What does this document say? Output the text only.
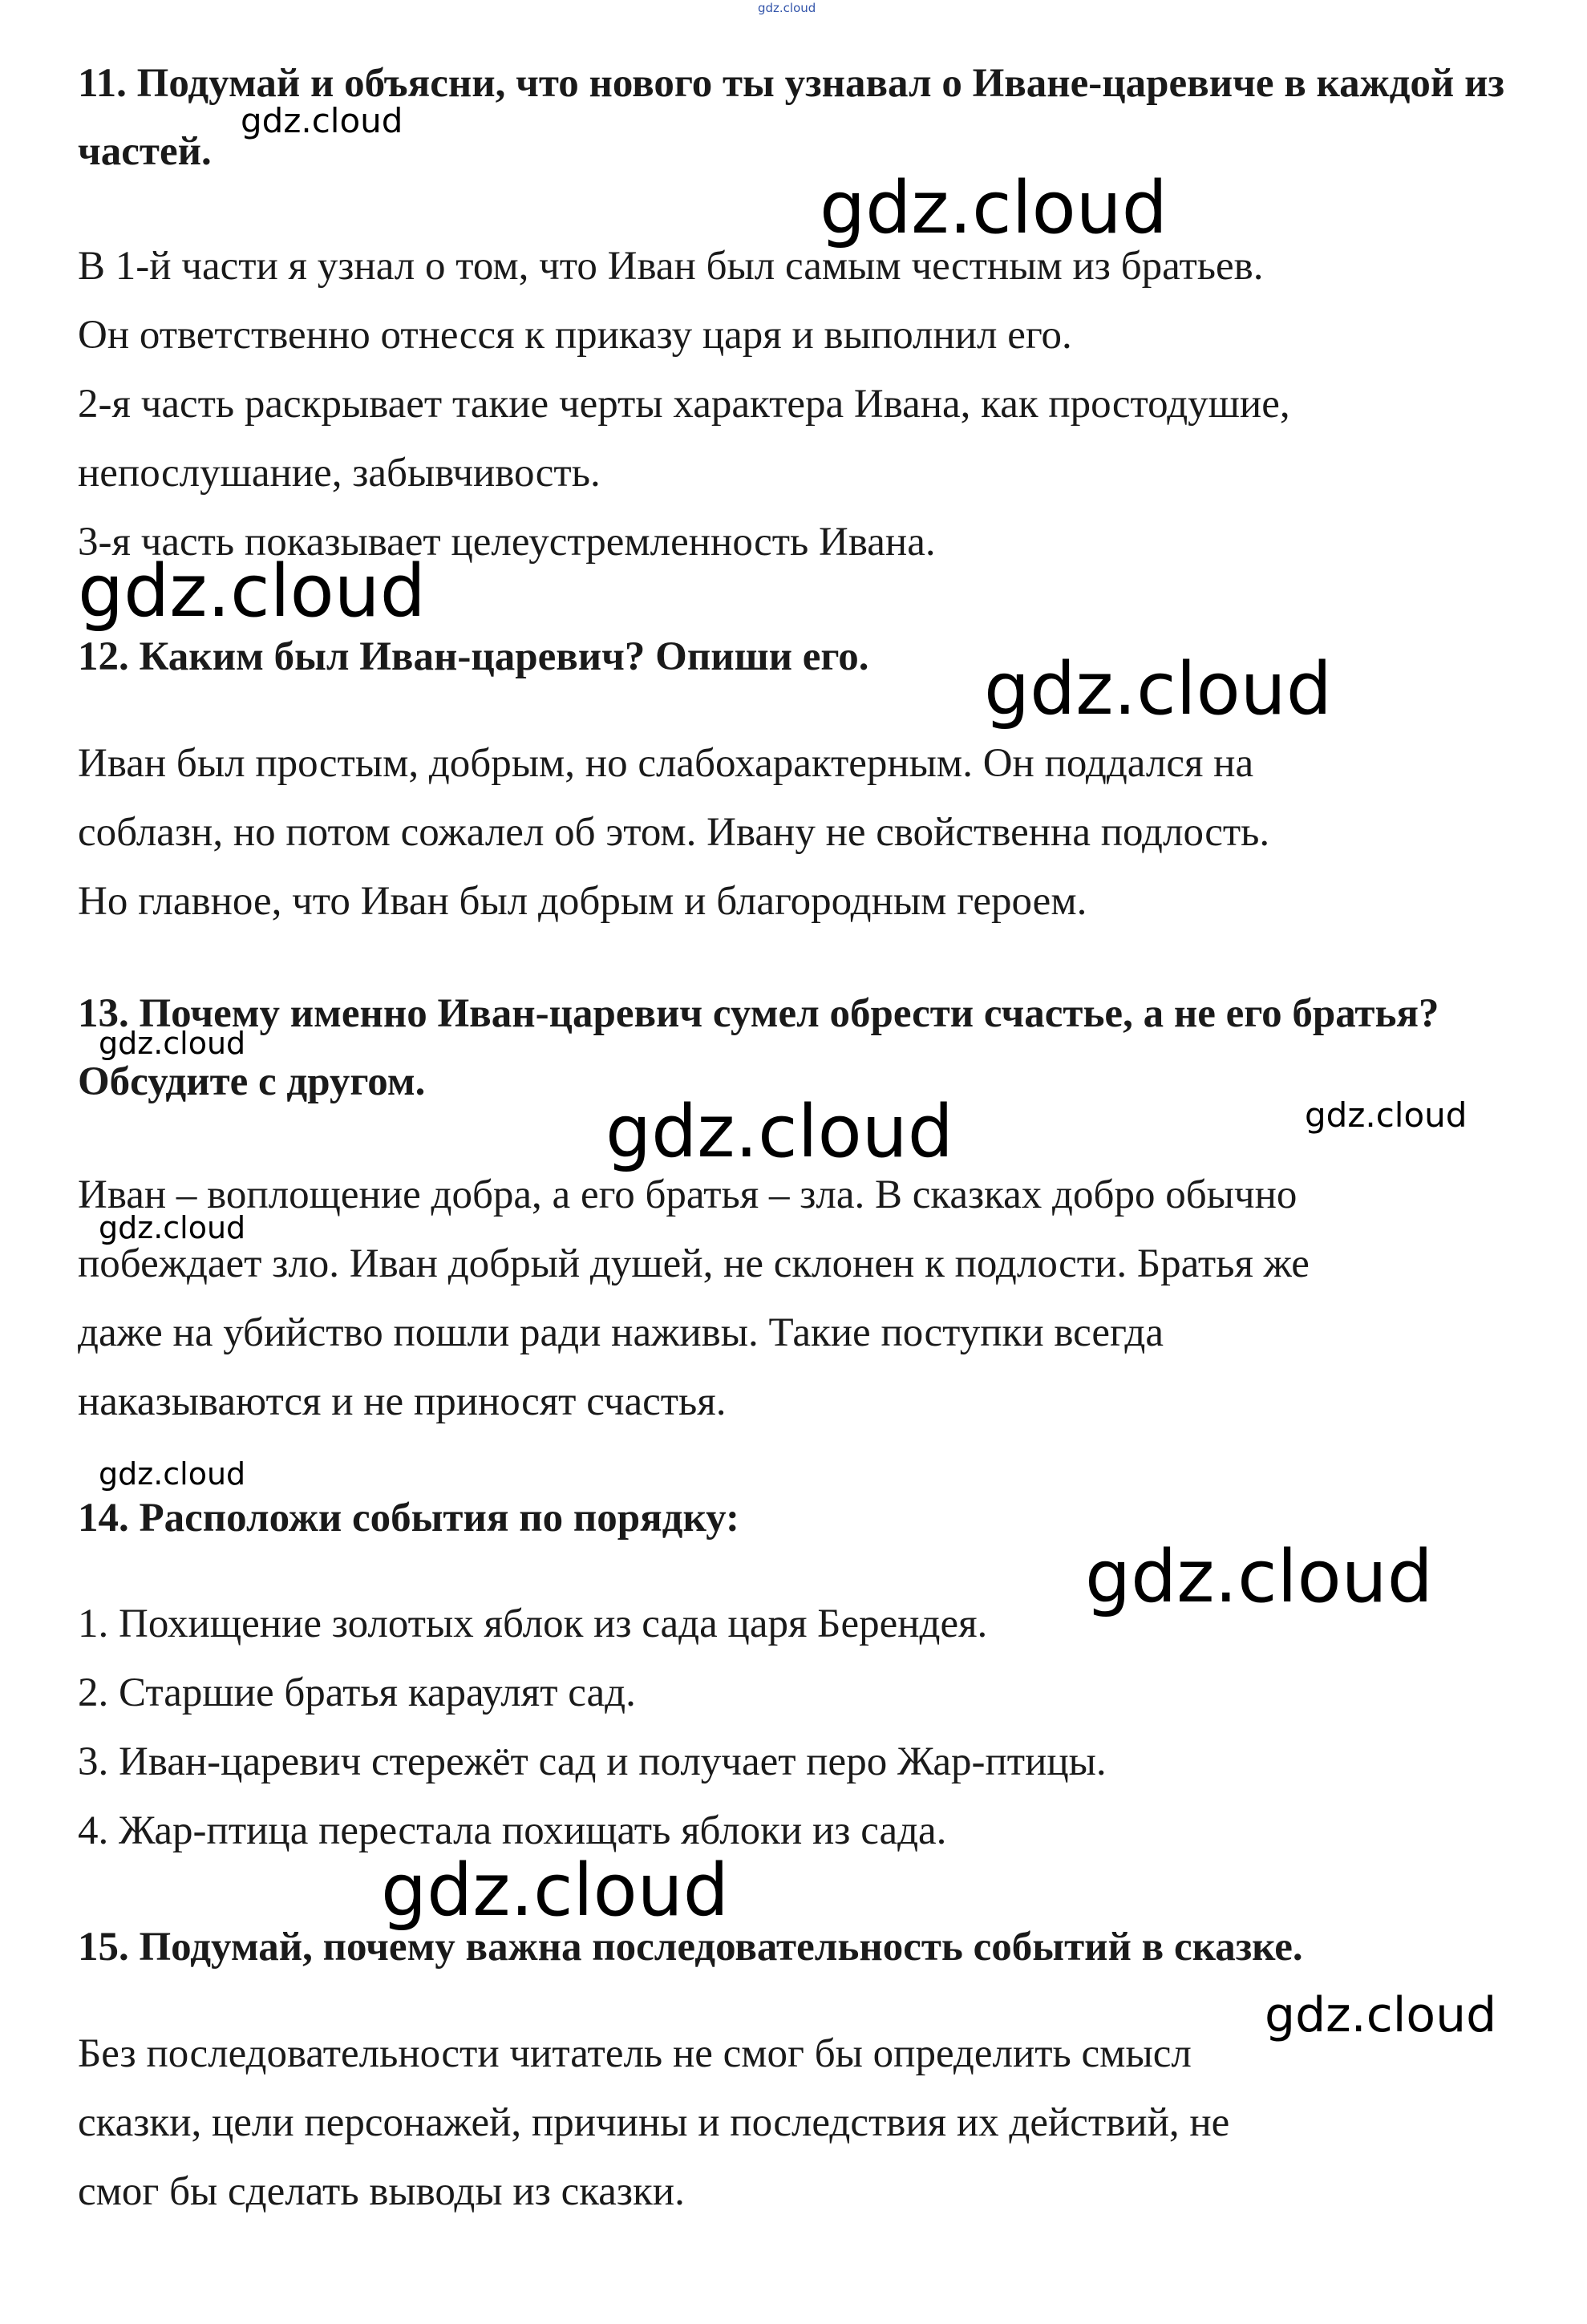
gdz.cloud

11. Подумай и объясни, что нового ты узнавал о Иване-царевиче в каждой из частей.

В 1-й части я узнал о том, что Иван был самым честным из братьев.
Он ответственно отнесся к приказу царя и выполнил его.
2-я часть раскрывает такие черты характера Ивана, как простодушие,
непослушание, забывчивость.
3-я часть показывает целеустремленность Ивана.

12. Каким был Иван-царевич? Опиши его.

Иван был простым, добрым, но слабохарактерным. Он поддался на
соблазн, но потом сожалел об этом. Ивану не свойственна подлость.
Но главное, что Иван был добрым и благородным героем.

13. Почему именно Иван-царевич сумел обрести счастье, а не его братья? Обсудите с другом.

Иван – воплощение добра, а его братья – зла. В сказках добро обычно
побеждает зло. Иван добрый душей, не склонен к подлости. Братья же
даже на убийство пошли ради наживы. Такие поступки всегда
наказываются и не приносят счастья.

14. Расположи события по порядку:

1. Похищение золотых яблок из сада царя Берендея.
2. Старшие братья караулят сад.
3. Иван-царевич стережёт сад и получает перо Жар-птицы.
4. Жар-птица перестала похищать яблоки из сада.

15. Подумай, почему важна последовательность событий в сказке.

Без последовательности читатель не смог бы определить смысл
сказки, цели персонажей, причины и последствия их действий, не
смог бы сделать выводы из сказки.
gdz.cloud
gdz.cloud
gdz.cloud
gdz.cloud
gdz.cloud
gdz.cloud	gdz.cloud
gdz.cloud
gdz.cloud
gdz.cloud
gdz.cloud
gdz.cloud
